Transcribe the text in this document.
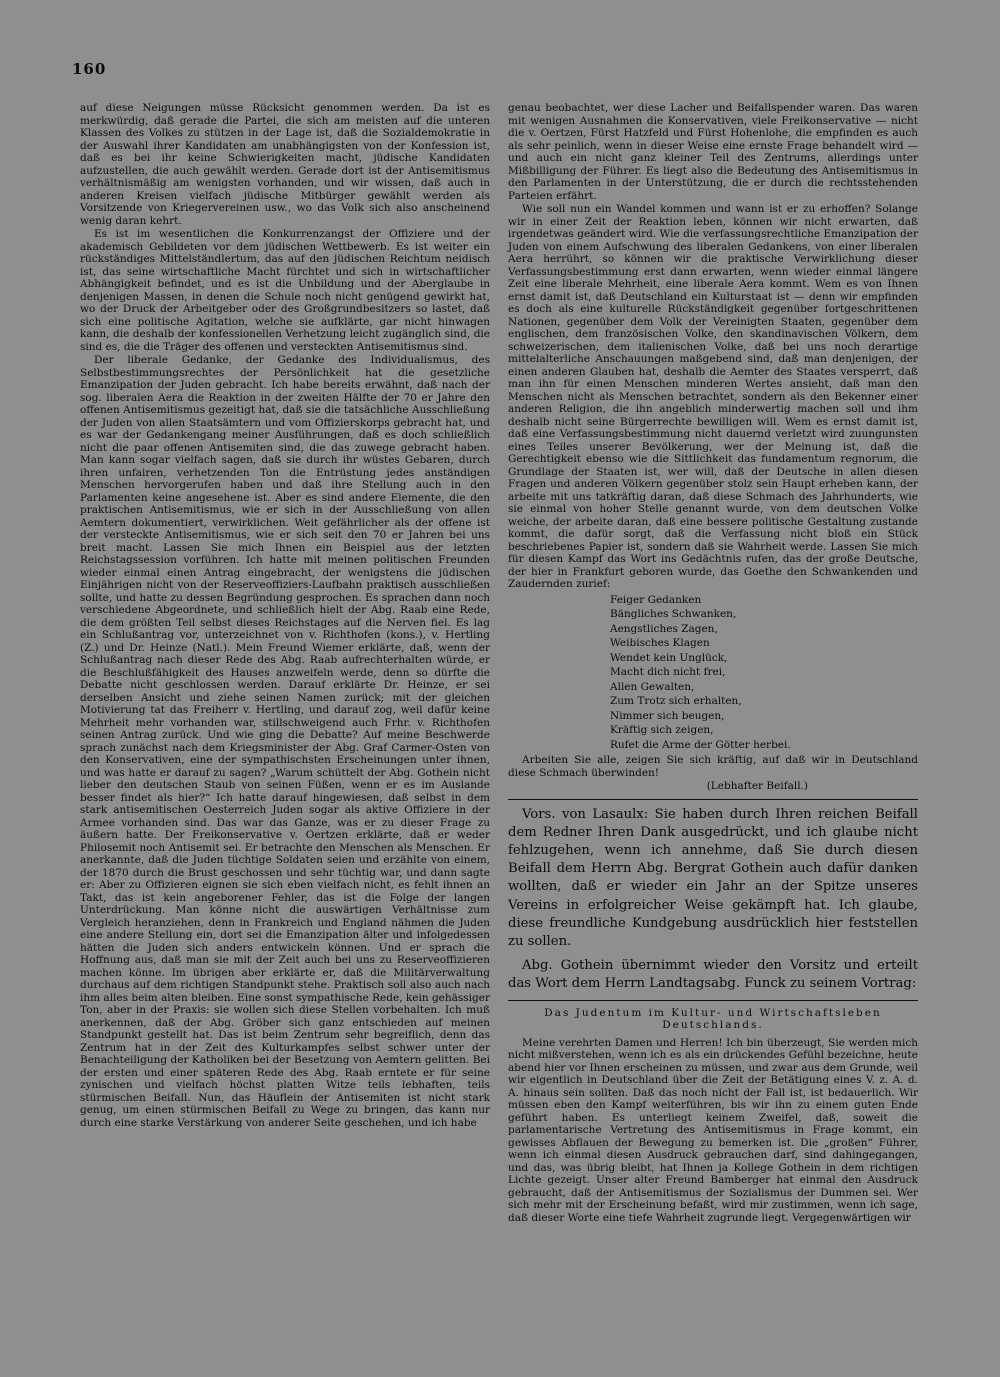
160

auf diese Neigungen müsse Rücksicht genommen werden. Da ist es merkwürdig, daß gerade die Partei, die sich am meisten auf die unteren Klassen des Volkes zu stützen in der Lage ist, daß die Sozialdemokratie in der Auswahl ihrer Kandidaten am unabhängigsten von der Konfession ist, daß es bei ihr keine Schwierigkeiten macht, jüdische Kandidaten aufzustellen, die auch gewählt werden. Gerade dort ist der Antisemitismus verhältnismäßig am wenigsten vorhanden, und wir wissen, daß auch in anderen Kreisen vielfach jüdische Mitbürger gewählt werden als Vorsitzende von Kriegervereinen usw., wo das Volk sich also anscheinend wenig daran kehrt.

Es ist im wesentlichen die Konkurrenzangst der Offiziere und der akademisch Gebildeten vor dem jüdischen Wettbewerb. Es ist weiter ein rückständiges Mittelständlertum, das auf den jüdischen Reichtum neidisch ist, das seine wirtschaftliche Macht fürchtet und sich in wirtschaftlicher Abhängigkeit befindet, und es ist die Unbildung und der Aberglaube in denjenigen Massen, in denen die Schule noch nicht genügend gewirkt hat, wo der Druck der Arbeitgeber oder des Großgrundbesitzers so lastet, daß sich eine politische Agitation, welche sie aufklärte, gar nicht hinwagen kann, die deshalb der konfessionellen Verhetzung leicht zugänglich sind, die sind es, die die Träger des offenen und versteckten Antisemitismus sind.

Der liberale Gedanke, der Gedanke des Individualismus, des Selbstbestimmungsrechtes der Persönlichkeit hat die gesetzliche Emanzipation der Juden gebracht. Ich habe bereits erwähnt, daß nach der sog. liberalen Aera die Reaktion in der zweiten Hälfte der 70 er Jahre den offenen Antisemitismus gezeitigt hat, daß sie die tatsächliche Ausschließung der Juden von allen Staatsämtern und vom Offizierskorps gebracht hat, und es war der Gedankengang meiner Ausführungen, daß es doch schließlich nicht die paar offenen Antisemiten sind, die das zuwege gebracht haben. Man kann sogar vielfach sagen, daß sie durch ihr wüstes Gebaren, durch ihren unfairen, verhetzenden Ton die Entrüstung jedes anständigen Menschen hervorgerufen haben und daß ihre Stellung auch in den Parlamenten keine angesehene ist. Aber es sind andere Elemente, die den praktischen Antisemitismus, wie er sich in der Ausschließung von allen Aemtern dokumentiert, verwirklichen. Weit gefährlicher als der offene ist der versteckte Antisemitismus, wie er sich seit den 70 er Jahren bei uns breit macht. Lassen Sie mich Ihnen ein Beispiel aus der letzten Reichstagssession vorführen. Ich hatte mit meinen politischen Freunden wieder einmal einen Antrag eingebracht, der wenigstens die jüdischen Einjährigen nicht von der Reserveoffiziers-Laufbahn praktisch ausschließen sollte, und hatte zu dessen Begründung gesprochen. Es sprachen dann noch verschiedene Abgeordnete, und schließlich hielt der Abg. Raab eine Rede, die dem größten Teil selbst dieses Reichstages auf die Nerven fiel. Es lag ein Schlußantrag vor, unterzeichnet von v. Richthofen (kons.), v. Hertling (Z.) und Dr. Heinze (Natl.). Mein Freund Wiemer erklärte, daß, wenn der Schlußantrag nach dieser Rede des Abg. Raab aufrechterhalten würde, er die Beschlußfähigkeit des Hauses anzweifeln werde, denn so dürfte die Debatte nicht geschlossen werden. Darauf erklärte Dr. Heinze, er sei derselben Ansicht und ziehe seinen Namen zurück; mit der gleichen Motivierung tat das Freiherr v. Hertling, und darauf zog, weil dafür keine Mehrheit mehr vorhanden war, stillschweigend auch Frhr. v. Richthofen seinen Antrag zurück. Und wie ging die Debatte? Auf meine Beschwerde sprach zunächst nach dem Kriegsminister der Abg. Graf Carmer-Osten von den Konservativen, eine der sympathischsten Erscheinungen unter ihnen, und was hatte er darauf zu sagen? „Warum schüttelt der Abg. Gothein nicht lieber den deutschen Staub von seinen Füßen, wenn er es im Auslande besser findet als hier?“ Ich hatte darauf hingewiesen, daß selbst in dem stark antisemitischen Oesterreich Juden sogar als aktive Offiziere in der Armee vorhanden sind. Das war das Ganze, was er zu dieser Frage zu äußern hatte. Der Freikonservative v. Oertzen erklärte, daß er weder Philosemit noch Antisemit sei. Er betrachte den Menschen als Menschen. Er anerkannte, daß die Juden tüchtige Soldaten seien und erzählte von einem, der 1870 durch die Brust geschossen und sehr tüchtig war, und dann sagte er: Aber zu Offizieren eignen sie sich eben vielfach nicht, es fehlt ihnen an Takt, das ist kein angeborener Fehler, das ist die Folge der langen Unterdrückung. Man könne nicht die auswärtigen Verhältnisse zum Vergleich heranziehen, denn in Frankreich und England nähmen die Juden eine andere Stellung ein, dort sei die Emanzipation älter und infolgedessen hätten die Juden sich anders entwickeln können. Und er sprach die Hoffnung aus, daß man sie mit der Zeit auch bei uns zu Reserveoffizieren machen könne. Im übrigen aber erklärte er, daß die Militärverwaltung durchaus auf dem richtigen Standpunkt stehe. Praktisch soll also auch nach ihm alles beim alten bleiben. Eine sonst sympathische Rede, kein gehässiger Ton, aber in der Praxis: sie wollen sich diese Stellen vorbehalten. Ich muß anerkennen, daß der Abg. Gröber sich ganz entschieden auf meinen Standpunkt gestellt hat. Das ist beim Zentrum sehr begreiflich, denn das Zentrum hat in der Zeit des Kulturkampfes selbst schwer unter der Benachteiligung der Katholiken bei der Besetzung von Aemtern gelitten. Bei der ersten und einer späteren Rede des Abg. Raab erntete er für seine zynischen und vielfach höchst platten Witze teils lebhaften, teils stürmischen Beifall. Nun, das Häuflein der Antisemiten ist nicht stark genug, um einen stürmischen Beifall zu Wege zu bringen, das kann nur durch eine starke Verstärkung von anderer Seite geschehen, und ich habe

genau beobachtet, wer diese Lacher und Beifallspender waren. Das waren mit wenigen Ausnahmen die Konservativen, viele Freikonservative — nicht die v. Oertzen, Fürst Hatzfeld und Fürst Hohenlohe, die empfinden es auch als sehr peinlich, wenn in dieser Weise eine ernste Frage behandelt wird — und auch ein nicht ganz kleiner Teil des Zentrums, allerdings unter Mißbilligung der Führer. Es liegt also die Bedeutung des Antisemitismus in den Parlamenten in der Unterstützung, die er durch die rechtsstehenden Parteien erfährt.

Wie soll nun ein Wandel kommen und wann ist er zu erhoffen? Solange wir in einer Zeit der Reaktion leben, können wir nicht erwarten, daß irgendetwas geändert wird. Wie die verfassungsrechtliche Emanzipation der Juden von einem Aufschwung des liberalen Gedankens, von einer liberalen Aera herrührt, so können wir die praktische Verwirklichung dieser Verfassungsbestimmung erst dann erwarten, wenn wieder einmal längere Zeit eine liberale Mehrheit, eine liberale Aera kommt. Wem es von Ihnen ernst damit ist, daß Deutschland ein Kulturstaat ist — denn wir empfinden es doch als eine kulturelle Rückständigkeit gegenüber fortgeschrittenen Nationen, gegenüber dem Volk der Vereinigten Staaten, gegenüber dem englischen, dem französischen Volke, den skandinavischen Völkern, dem schweizerischen, dem italienischen Volke, daß bei uns noch derartige mittelalterliche Anschauungen maßgebend sind, daß man denjenigen, der einen anderen Glauben hat, deshalb die Aemter des Staates versperrt, daß man ihn für einen Menschen minderen Wertes ansieht, daß man den Menschen nicht als Menschen betrachtet, sondern als den Bekenner einer anderen Religion, die ihn angeblich minderwertig machen soll und ihm deshalb nicht seine Bürgerrechte bewilligen will. Wem es ernst damit ist, daß eine Verfassungsbestimmung nicht dauernd verletzt wird zuungunsten eines Teiles unserer Bevölkerung, wer der Meinung ist, daß die Gerechtigkeit ebenso wie die Sittlichkeit das fundamentum regnorum, die Grundlage der Staaten ist, wer will, daß der Deutsche in allen diesen Fragen und anderen Völkern gegenüber stolz sein Haupt erheben kann, der arbeite mit uns tatkräftig daran, daß diese Schmach des Jahrhunderts, wie sie einmal von hoher Stelle genannt wurde, von dem deutschen Volke weiche, der arbeite daran, daß eine bessere politische Gestaltung zustande kommt, die dafür sorgt, daß die Verfassung nicht bloß ein Stück beschriebenes Papier ist, sondern daß sie Wahrheit werde. Lassen Sie mich für diesen Kampf das Wort ins Gedächtnis rufen, das der große Deutsche, der hier in Frankfurt geboren wurde, das Goethe den Schwankenden und Zaudernden zurief:

Feiger Gedanken
Bängliches Schwanken,
Aengstliches Zagen,
Weibisches Klagen
Wendet kein Unglück,
Macht dich nicht frei,
Allen Gewalten,
Zum Trotz sich erhalten,
Nimmer sich beugen,
Kräftig sich zeigen,
Rufet die Arme der Götter herbei.

Arbeiten Sie alle, zeigen Sie sich kräftig, auf daß wir in Deutschland diese Schmach überwinden!

(Lebhafter Beifall.)

Vors. von Lasaulx: Sie haben durch Ihren reichen Beifall dem Redner Ihren Dank ausgedrückt, und ich glaube nicht fehlzugehen, wenn ich annehme, daß Sie durch diesen Beifall dem Herrn Abg. Bergrat Gothein auch dafür danken wollten, daß er wieder ein Jahr an der Spitze unseres Vereins in erfolgreicher Weise gekämpft hat. Ich glaube, diese freundliche Kundgebung ausdrücklich hier feststellen zu sollen.

Abg. Gothein übernimmt wieder den Vorsitz und erteilt das Wort dem Herrn Landtagsabg. Funck zu seinem Vortrag:

Das Judentum im Kultur- und Wirtschaftsleben Deutschlands.

Meine verehrten Damen und Herren! Ich bin überzeugt, Sie werden mich nicht mißverstehen, wenn ich es als ein drückendes Gefühl bezeichne, heute abend hier vor Ihnen erscheinen zu müssen, und zwar aus dem Grunde, weil wir eigentlich in Deutschland über die Zeit der Betätigung eines V. z. A. d. A. hinaus sein sollten. Daß das noch nicht der Fall ist, ist bedauerlich. Wir müssen eben den Kampf weiterführen, bis wir ihn zu einem guten Ende geführt haben. Es unterliegt keinem Zweifel, daß, soweit die parlamentarische Vertretung des Antisemitismus in Frage kommt, ein gewisses Abflauen der Bewegung zu bemerken ist. Die „großen“ Führer, wenn ich einmal diesen Ausdruck gebrauchen darf, sind dahingegangen, und das, was übrig bleibt, hat Ihnen ja Kollege Gothein in dem richtigen Lichte gezeigt. Unser alter Freund Bamberger hat einmal den Ausdruck gebraucht, daß der Antisemitismus der Sozialismus der Dummen sei. Wer sich mehr mit der Erscheinung befaßt, wird mir zustimmen, wenn ich sage, daß dieser Worte eine tiefe Wahrheit zugrunde liegt. Vergegenwärtigen wir
